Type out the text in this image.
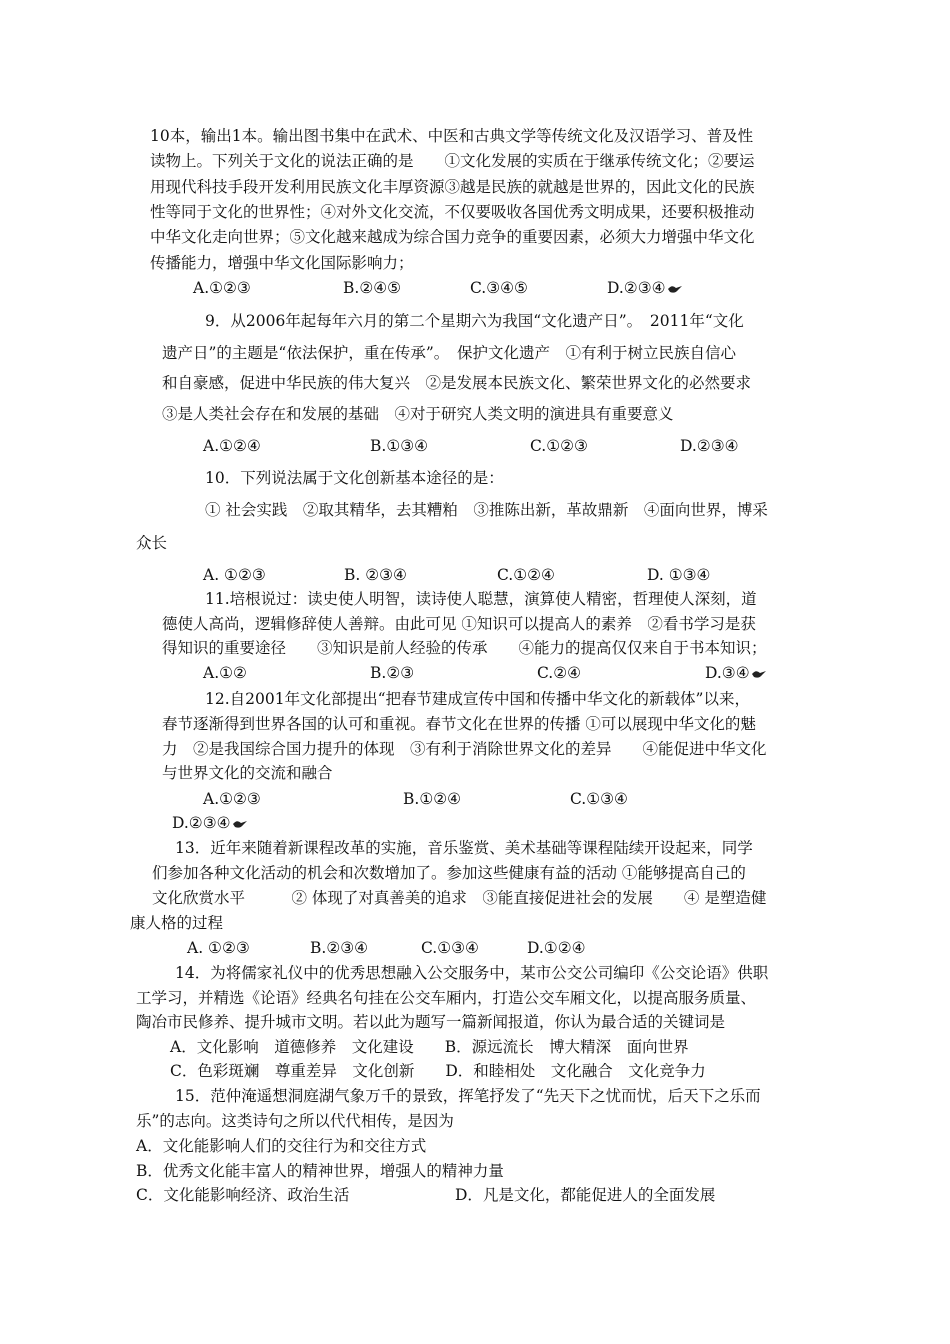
10本，输出1本。输出图书集中在武术、中医和古典文学等传统文化及汉语学习、普及性
读物上。下列关于文化的说法正确的是　　①文化发展的实质在于继承传统文化；②要运
用现代科技手段开发利用民族文化丰厚资源③越是民族的就越是世界的，因此文化的民族
性等同于文化的世界性；④对外文化交流，不仅要吸收各国优秀文明成果，还要积极推动
中华文化走向世界；⑤文化越来越成为综合国力竞争的重要因素，必须大力增强中华文化
传播能力，增强中华文化国际影响力；
A.①②③	B.②④⑤	C.③④⑤	D.②③④
9．从2006年起每年六月的第二个星期六为我国“文化遗产日”。　2011年“文化
遗产日”的主题是“依法保护，重在传承”。　保护文化遗产　①有利于树立民族自信心
和自豪感，促进中华民族的伟大复兴　②是发展本民族文化、繁荣世界文化的必然要求
③是人类社会存在和发展的基础　④对于研究人类文明的演进具有重要意义
A.①②④	B.①③④	C.①②③	D.②③④
10．下列说法属于文化创新基本途径的是：
① 社会实践　②取其精华，去其糟粕　③推陈出新，革故鼎新　④面向世界，博采
众长
A. ①②③	B. ②③④	C.①②④	D. ①③④
11.培根说过：读史使人明智，读诗使人聪慧，演算使人精密，哲理使人深刻，道
德使人高尚，逻辑修辞使人善辩。由此可见 ①知识可以提高人的素养　②看书学习是获
得知识的重要途径　　③知识是前人经验的传承　　④能力的提高仅仅来自于书本知识；
A.①②	B.②③	C.②④	D.③④
12.自2001年文化部提出“把春节建成宣传中国和传播中华文化的新载体”以来，
春节逐渐得到世界各国的认可和重视。春节文化在世界的传播 ①可以展现中华文化的魅
力　②是我国综合国力提升的体现　③有利于消除世界文化的差异　　④能促进中华文化
与世界文化的交流和融合
A.①②③	B.①②④	C.①③④
D.②③④
13．近年来随着新课程改革的实施，音乐鉴赏、美术基础等课程陆续开设起来，同学
们参加各种文化活动的机会和次数增加了。参加这些健康有益的活动 ①能够提高自己的
文化欣赏水平　　　② 体现了对真善美的追求　③能直接促进社会的发展　　④ 是塑造健
康人格的过程
A. ①②③	B.②③④	C.①③④	D.①②④
14．为将儒家礼仪中的优秀思想融入公交服务中，某市公交公司编印《公交论语》供职
工学习，并精选《论语》经典名句挂在公交车厢内，打造公交车厢文化，以提高服务质量、
陶冶市民修养、提升城市文明。若以此为题写一篇新闻报道，你认为最合适的关键词是
A．文化影响　道德修养　文化建设　　B．源远流长　博大精深　面向世界
C．色彩斑斓　尊重差异　文化创新　　D．和睦相处　文化融合　文化竞争力
15．范仲淹遥想洞庭湖气象万千的景致，挥笔抒发了“先天下之忧而忧，后天下之乐而
乐”的志向。这类诗句之所以代代相传，是因为
A．文化能影响人们的交往行为和交往方式
B．优秀文化能丰富人的精神世界，增强人的精神力量
C．文化能影响经济、政治生活	D．凡是文化，都能促进人的全面发展
